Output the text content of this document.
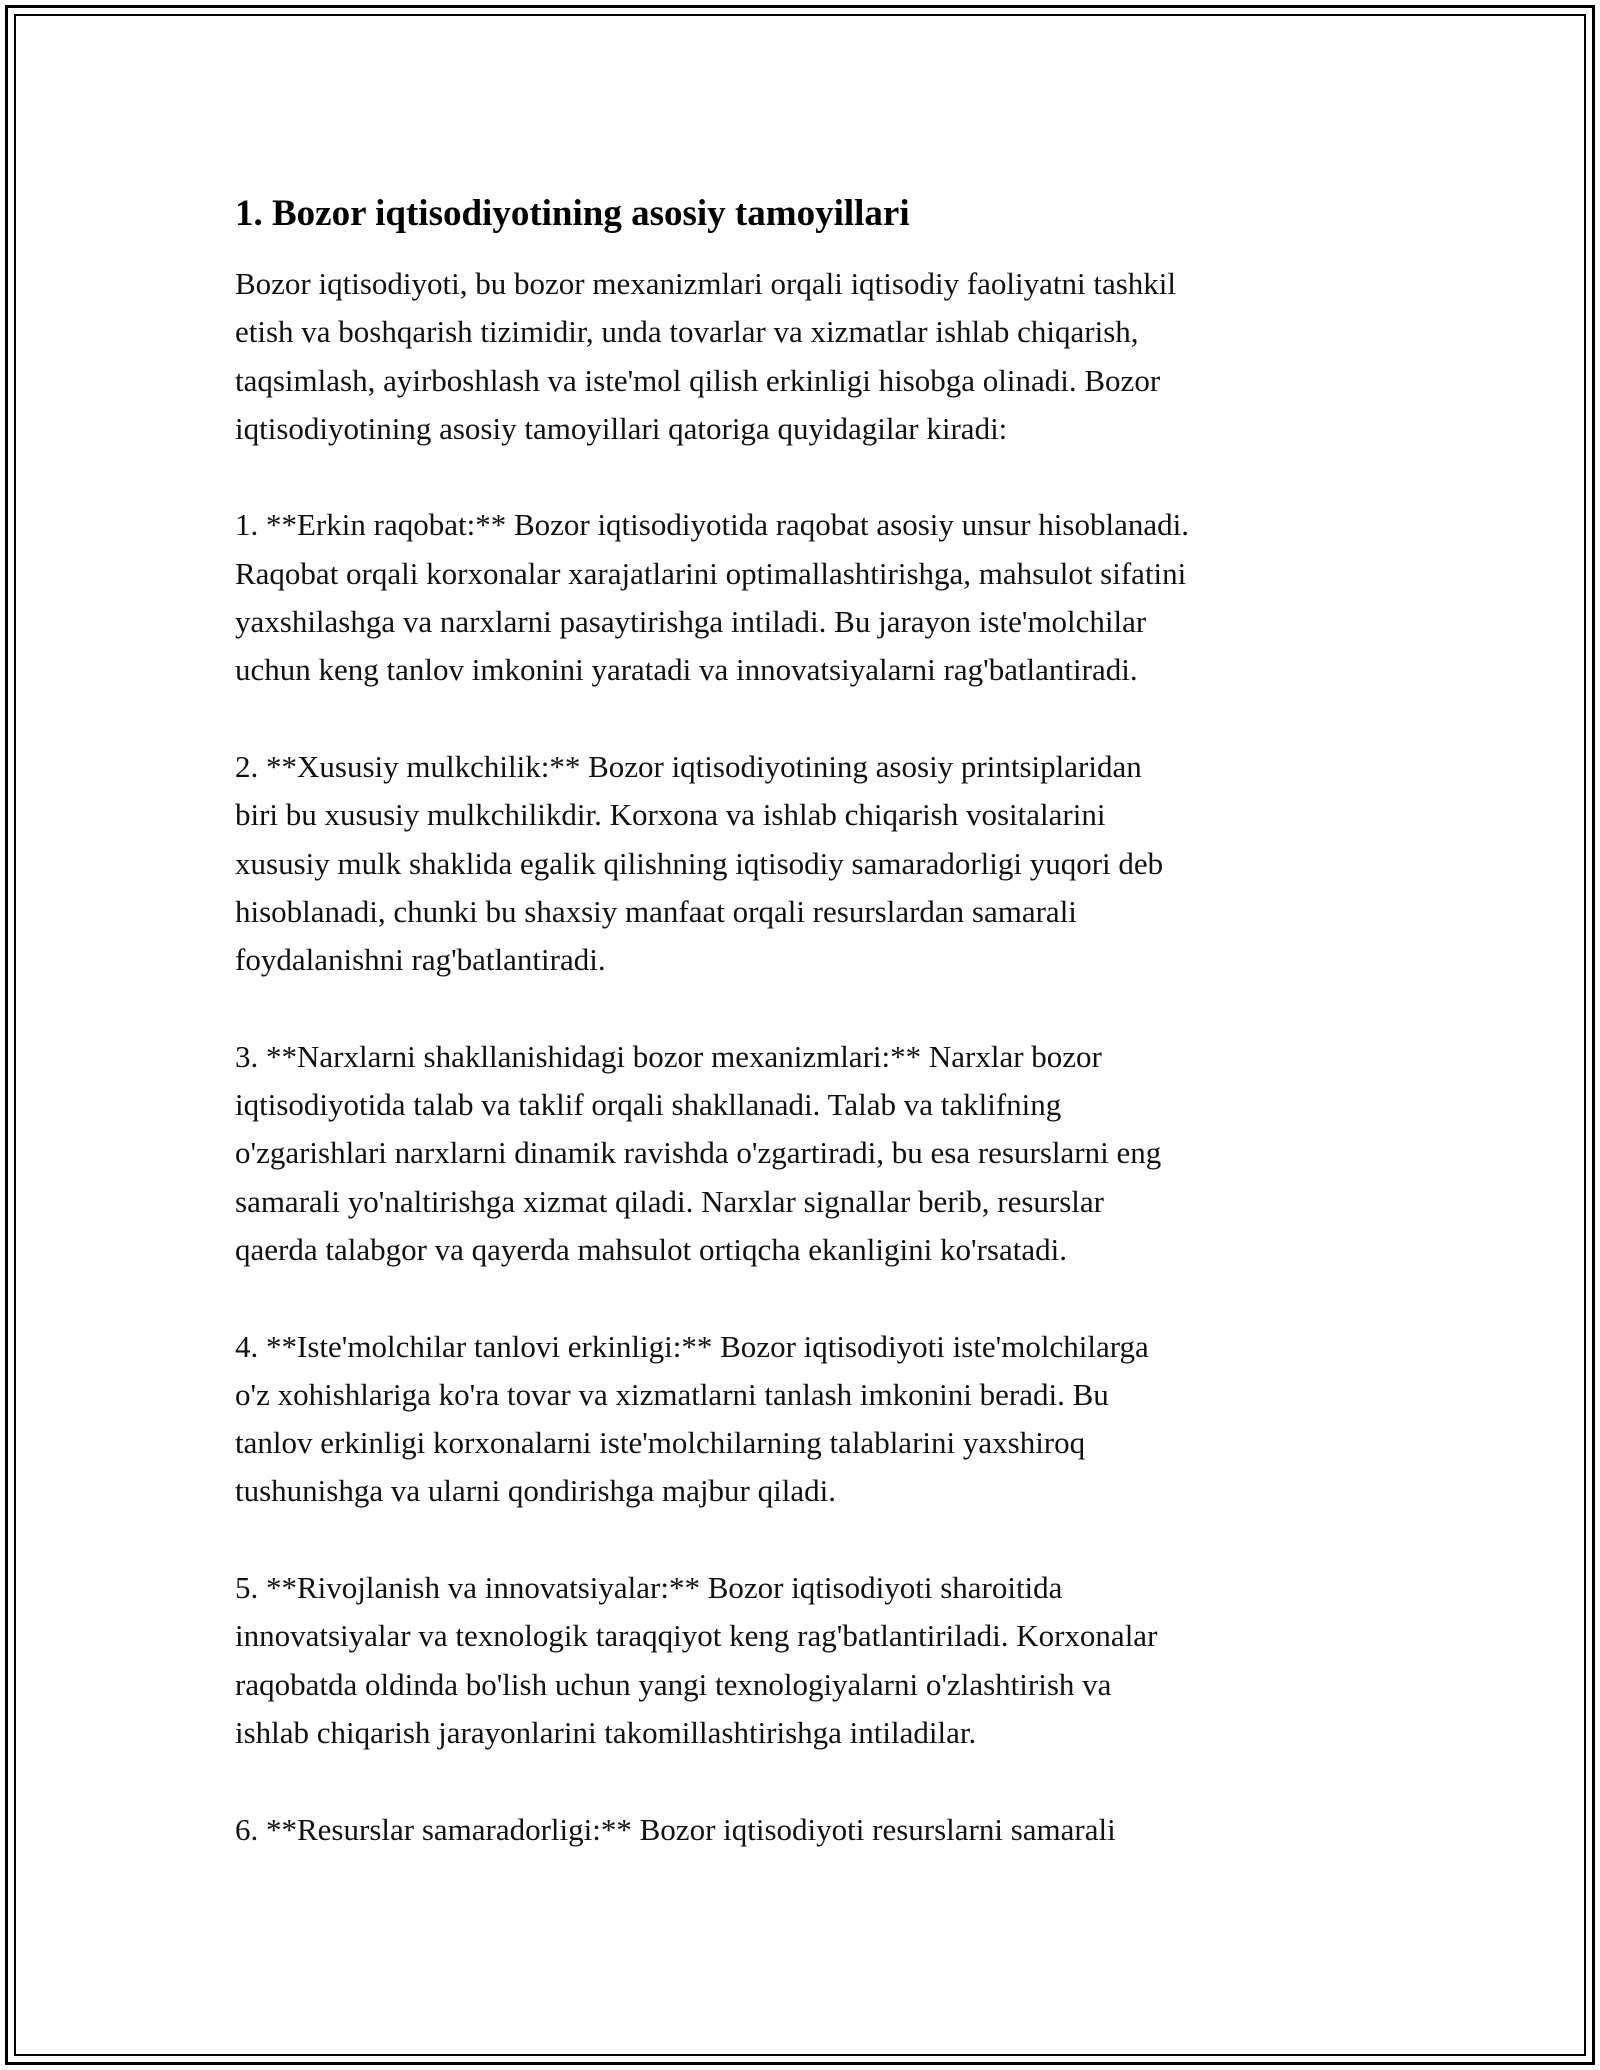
1. Bozor iqtisodiyotining asosiy tamoyillari

Bozor iqtisodiyoti, bu bozor mexanizmlari orqali iqtisodiy faoliyatni tashkil
etish va boshqarish tizimidir, unda tovarlar va xizmatlar ishlab chiqarish,
taqsimlash, ayirboshlash va iste'mol qilish erkinligi hisobga olinadi. Bozor
iqtisodiyotining asosiy tamoyillari qatoriga quyidagilar kiradi:

1. **Erkin raqobat:** Bozor iqtisodiyotida raqobat asosiy unsur hisoblanadi.
Raqobat orqali korxonalar xarajatlarini optimallashtirishga, mahsulot sifatini
yaxshilashga va narxlarni pasaytirishga intiladi. Bu jarayon iste'molchilar
uchun keng tanlov imkonini yaratadi va innovatsiyalarni rag'batlantiradi.

2. **Xususiy mulkchilik:** Bozor iqtisodiyotining asosiy printsiplaridan
biri bu xususiy mulkchilikdir. Korxona va ishlab chiqarish vositalarini
xususiy mulk shaklida egalik qilishning iqtisodiy samaradorligi yuqori deb
hisoblanadi, chunki bu shaxsiy manfaat orqali resurslardan samarali
foydalanishni rag'batlantiradi.

3. **Narxlarni shakllanishidagi bozor mexanizmlari:** Narxlar bozor
iqtisodiyotida talab va taklif orqali shakllanadi. Talab va taklifning
o'zgarishlari narxlarni dinamik ravishda o'zgartiradi, bu esa resurslarni eng
samarali yo'naltirishga xizmat qiladi. Narxlar signallar berib, resurslar
qaerda talabgor va qayerda mahsulot ortiqcha ekanligini ko'rsatadi.

4. **Iste'molchilar tanlovi erkinligi:** Bozor iqtisodiyoti iste'molchilarga
o'z xohishlariga ko'ra tovar va xizmatlarni tanlash imkonini beradi. Bu
tanlov erkinligi korxonalarni iste'molchilarning talablarini yaxshiroq
tushunishga va ularni qondirishga majbur qiladi.

5. **Rivojlanish va innovatsiyalar:** Bozor iqtisodiyoti sharoitida
innovatsiyalar va texnologik taraqqiyot keng rag'batlantiriladi. Korxonalar
raqobatda oldinda bo'lish uchun yangi texnologiyalarni o'zlashtirish va
ishlab chiqarish jarayonlarini takomillashtirishga intiladilar.

6. **Resurslar samaradorligi:** Bozor iqtisodiyoti resurslarni samarali
